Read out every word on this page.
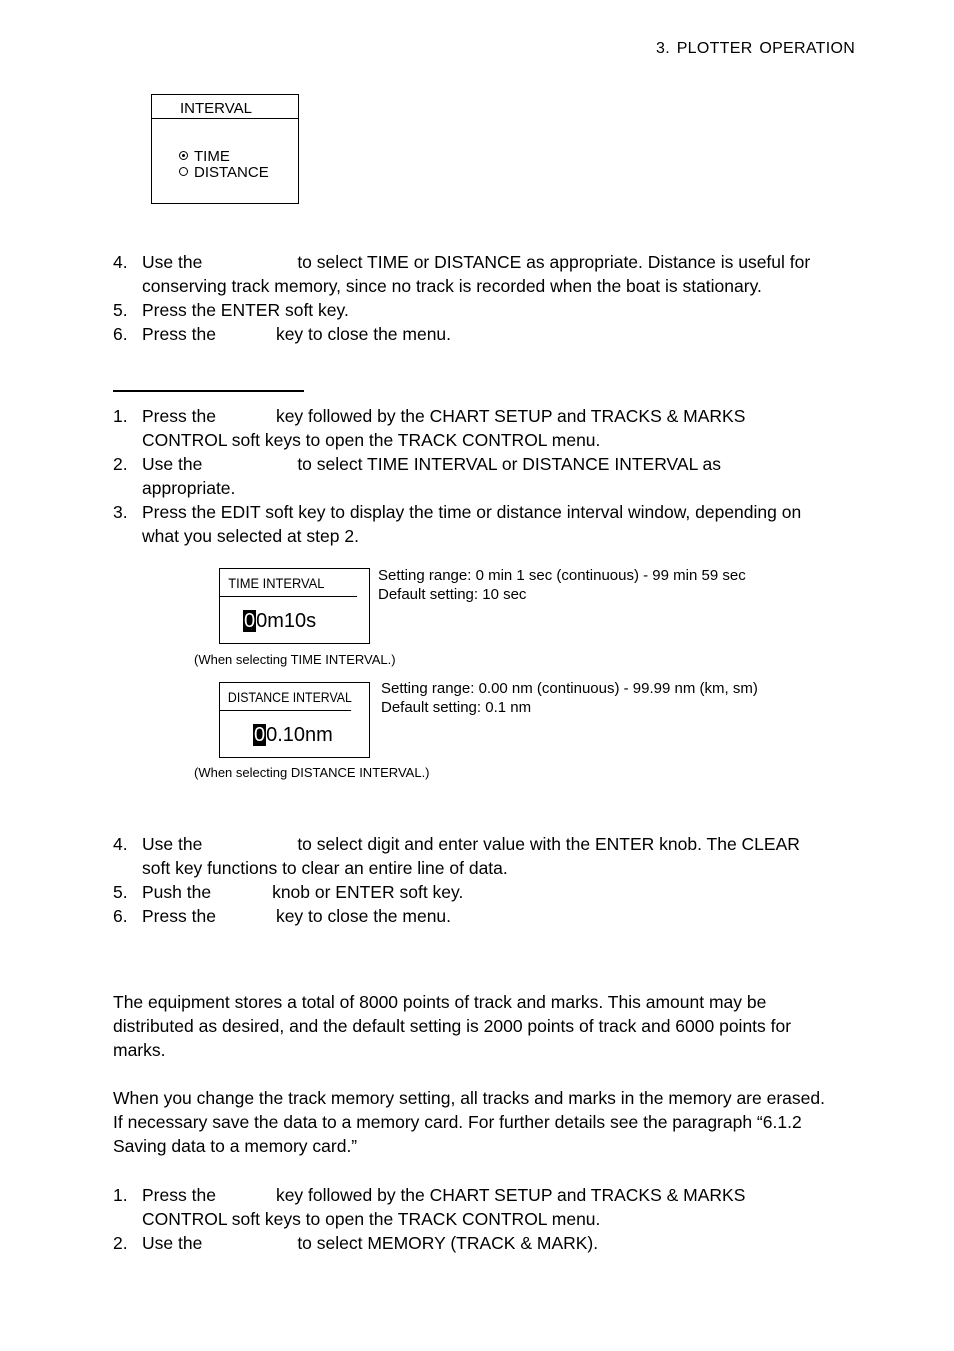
3. PLOTTER OPERATION
INTERVAL
TIME
DISTANCE
4. Use the	to select TIME or DISTANCE as appropriate. Distance is useful for
conserving track memory, since no track is recorded when the boat is stationary.
5. Press the ENTER soft key.
6. Press the	key to close the menu.
1. Press the	key followed by the CHART SETUP and TRACKS & MARKS
CONTROL soft keys to open the TRACK CONTROL menu.
2. Use the	to select TIME INTERVAL or DISTANCE INTERVAL as
appropriate.
3. Press the EDIT soft key to display the time or distance interval window, depending on
what you selected at step 2.
TIME INTERVAL
00m10s
Setting range: 0 min 1 sec (continuous) - 99 min 59 sec
Default setting: 10 sec
(When selecting TIME INTERVAL.)
DISTANCE INTERVAL
00.10nm
Setting range: 0.00 nm (continuous) - 99.99 nm (km, sm)
Default setting: 0.1 nm
(When selecting DISTANCE INTERVAL.)
4. Use the	to select digit and enter value with the ENTER knob. The CLEAR
soft key functions to clear an entire line of data.
5. Push the	knob or ENTER soft key.
6. Press the	key to close the menu.
The equipment stores a total of 8000 points of track and marks. This amount may be
distributed as desired, and the default setting is 2000 points of track and 6000 points for
marks.
When you change the track memory setting, all tracks and marks in the memory are erased.
If necessary save the data to a memory card. For further details see the paragraph “6.1.2
Saving data to a memory card.”
1. Press the	key followed by the CHART SETUP and TRACKS & MARKS
CONTROL soft keys to open the TRACK CONTROL menu.
2. Use the	to select MEMORY (TRACK & MARK).
